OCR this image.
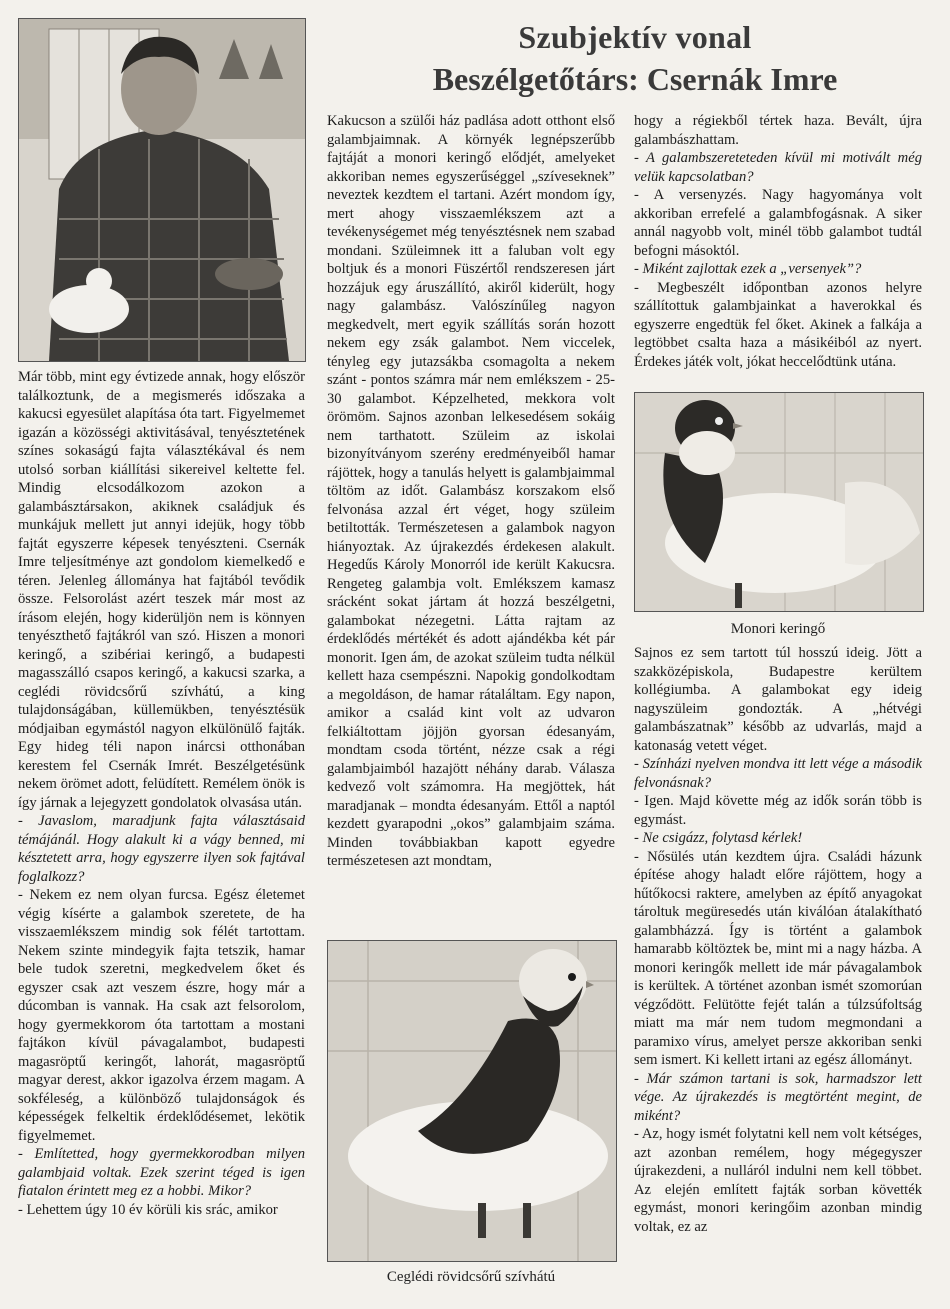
Szubjektív vonal
Beszélgetőtárs: Csernák Imre

Már több, mint egy évtizede annak, hogy először találkoztunk, de a megismerés időszaka a kakucsi egyesület alapítása óta tart. Figyelmemet igazán a közösségi aktivitásával, tenyésztetének színes sokaságú fajta választékával és nem utolsó sorban kiállítási sikereivel keltette fel. Mindig elcsodálkozom azokon a galambásztársakon, akiknek családjuk és munkájuk mellett jut annyi idejük, hogy több fajtát egyszerre képesek tenyészteni. Csernák Imre teljesítménye azt gondolom kiemelkedő e téren. Jelenleg állománya hat fajtából tevődik össze. Felsorolást azért teszek már most az írásom elején, hogy kiderüljön nem is könnyen tenyészthető fajtákról van szó. Hiszen a monori keringő, a szibériai keringő, a budapesti magasszálló csapos keringő, a kakucsi szarka, a ceglédi rövidcsőrű szívhátú, a king tulajdonságában, küllemükben, tenyésztésük módjaiban egymástól nagyon elkülönülő fajták. Egy hideg téli napon inárcsi otthonában kerestem fel Csernák Imrét. Beszélgetésünk nekem örömet adott, felüdített. Remélem önök is így járnak a lejegyzett gondolatok olvasása után.

- Javaslom, maradjunk fajta választásaid témájánál. Hogy alakult ki a vágy benned, mi késztetett arra, hogy egyszerre ilyen sok fajtával foglalkozz?

- Nekem ez nem olyan furcsa. Egész életemet végig kísérte a galambok szeretete, de ha visszaemlékszem mindig sok félét tartottam. Nekem szinte mindegyik fajta tetszik, hamar bele tudok szeretni, megkedvelem őket és egyszer csak azt veszem észre, hogy már a dúcomban is vannak. Ha csak azt felsorolom, hogy gyermekkorom óta tartottam a mostani fajtákon kívül pávagalambot, budapesti magasröptű keringőt, lahorát, magasröptű magyar derest, akkor igazolva érzem magam. A sokféleség, a különböző tulajdonságok és képességek felkeltik érdeklődésemet, lekötik figyelmemet.

- Említetted, hogy gyermekkorodban milyen galambjaid voltak. Ezek szerint téged is igen fiatalon érintett meg ez a hobbi. Mikor?

- Lehettem úgy 10 év körüli kis srác, amikor

Kakucson a szülői ház padlása adott otthont első galambjaimnak. A környék legnépszerűbb fajtáját a monori keringő elődjét, amelyeket akkoriban nemes egyszerűséggel „szíveseknek” neveztek kezdtem el tartani. Azért mondom így, mert ahogy visszaemlékszem azt a tevékenységemet még tenyésztésnek nem szabad mondani. Szüleimnek itt a faluban volt egy boltjuk és a monori Füszértől rendszeresen járt hozzájuk egy áruszállító, akiről kiderült, hogy nagy galambász. Valószínűleg nagyon megkedvelt, mert egyik szállítás során hozott nekem egy zsák galambot. Nem viccelek, tényleg egy jutazsákba csomagolta a nekem szánt - pontos számra már nem emlékszem - 25-30 galambot. Képzelheted, mekkora volt örömöm. Sajnos azonban lelkesedésem sokáig nem tarthatott. Szüleim az iskolai bizonyítványom szerény eredményeiből hamar rájöttek, hogy a tanulás helyett is galambjaimmal töltöm az időt. Galambász korszakom első felvonása azzal ért véget, hogy szüleim betiltották. Természetesen a galambok nagyon hiányoztak. Az újrakezdés érdekesen alakult. Hegedűs Károly Monorról ide került Kakucsra. Rengeteg galambja volt. Emlékszem kamasz srácként sokat jártam át hozzá beszélgetni, galambokat nézegetni. Látta rajtam az érdeklődés mértékét és adott ajándékba két pár monorit. Igen ám, de azokat szüleim tudta nélkül kellett haza csempészni. Napokig gondolkodtam a megoldáson, de hamar rátaláltam. Egy napon, amikor a család kint volt az udvaron felkiáltottam jöjjön gyorsan édesanyám, mondtam csoda történt, nézze csak a régi galambjaimból hazajött néhány darab. Válasza kedvező volt számomra. Ha megjöttek, hát maradjanak – mondta édesanyám. Ettől a naptól kezdett gyarapodni „okos” galambjaim száma. Minden továbbiakban kapott egyedre természetesen azt mondtam,

Ceglédi rövidcsőrű szívhátú

hogy a régiekből tértek haza. Bevált, újra galambászhattam.

- A galambszereteteden kívül mi motivált még velük kapcsolatban?

- A versenyzés. Nagy hagyománya volt akkoriban errefelé a galambfogásnak. A siker annál nagyobb volt, minél több galambot tudtál befogni másoktól.

- Miként zajlottak ezek a „versenyek”?

- Megbeszélt időpontban azonos helyre szállítottuk galambjainkat a haverokkal és egyszerre engedtük fel őket. Akinek a falkája a legtöbbet csalta haza a másikéiból az nyert. Érdekes játék volt, jókat heccelődtünk utána.

Monori keringő

Sajnos ez sem tartott túl hosszú ideig. Jött a szakközépiskola, Budapestre kerültem kollégiumba. A galambokat egy ideig nagyszüleim gondozták. A „hétvégi galambászatnak” később az udvarlás, majd a katonaság vetett véget.

- Színházi nyelven mondva itt lett vége a második felvonásnak?

- Igen. Majd követte még az idők során több is egymást.

- Ne csigázz, folytasd kérlek!

- Nősülés után kezdtem újra. Családi házunk építése ahogy haladt előre rájöttem, hogy a hűtőkocsi raktere, amelyben az építő anyagokat tároltuk megüresedés után kiválóan átalakítható galambházzá. Így is történt a galambok hamarabb költöztek be, mint mi a nagy házba. A monori keringők mellett ide már pávagalambok is kerültek. A történet azonban ismét szomorúan végződött. Felütötte fejét talán a túlzsúfoltság miatt ma már nem tudom megmondani a paramixo vírus, amelyet persze akkoriban senki sem ismert. Ki kellett irtani az egész állományt.

- Már számon tartani is sok, harmadszor lett vége. Az újrakezdés is megtörtént megint, de miként?

- Az, hogy ismét folytatni kell nem volt kétséges, azt azonban remélem, hogy mégegyszer újrakezdeni, a nulláról indulni nem kell többet. Az elején említett fajták sorban követték egymást, monori keringőim azonban mindig voltak, ez az
